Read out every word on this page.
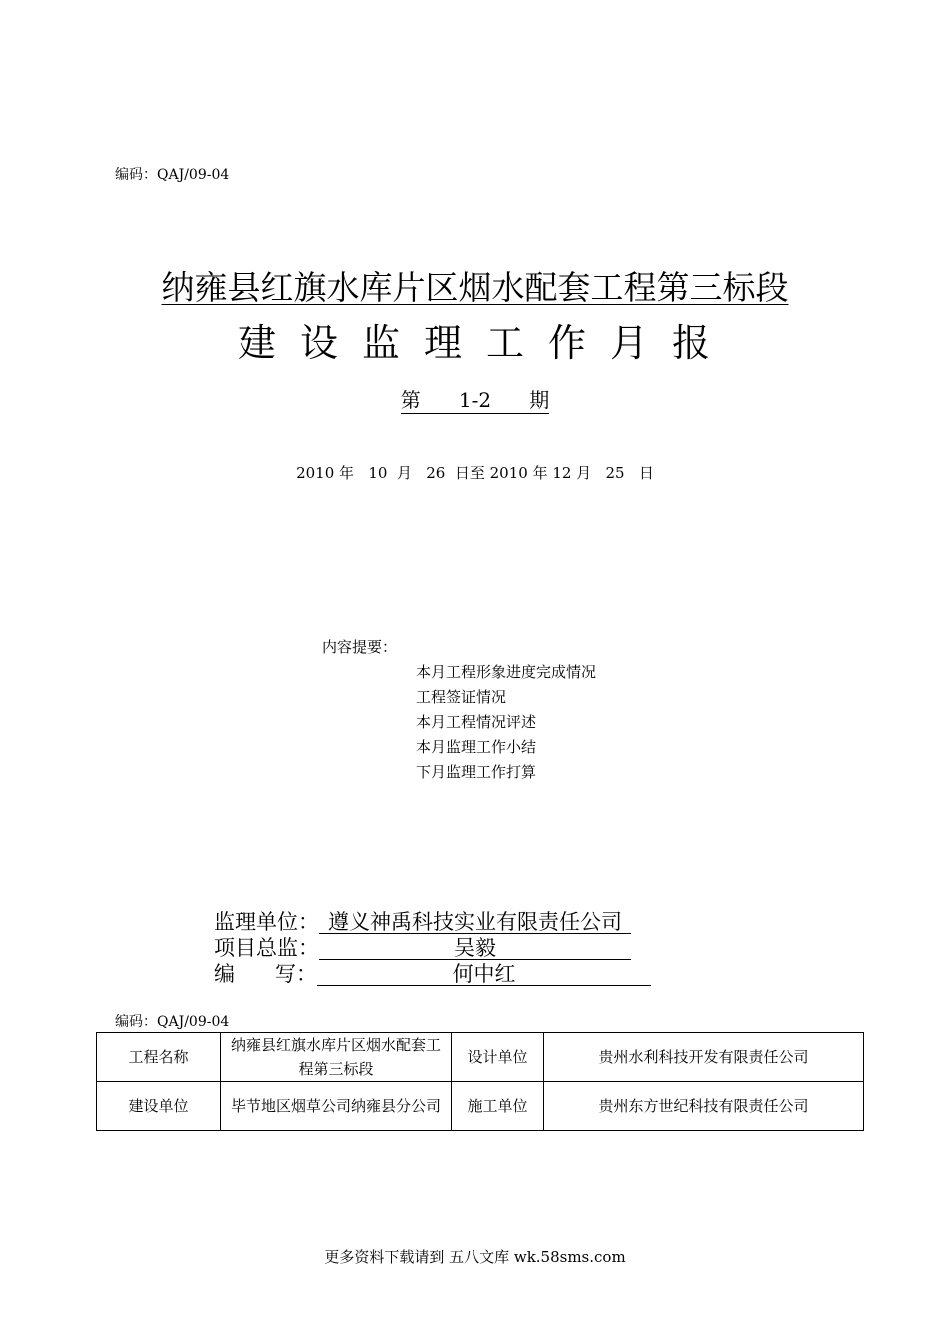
编码：QAJ/09-04
纳雍县红旗水库片区烟水配套工程第三标段
建设监理工作月报
第 1-2 期
2010 年   10  月   26  日至 2010 年 12 月   25   日
内容提要：
本月工程形象进度完成情况
工程签证情况
本月工程情况评述
本月监理工作小结
下月监理工作打算
监理单位： 遵义神禹科技实业有限责任公司
项目总监：	吴毅
编      写：	何中红
编码：QAJ/09-04
工程名称	纳雍县红旗水库片区烟水配套工程第三标段	设计单位	贵州水利科技开发有限责任公司
建设单位	毕节地区烟草公司纳雍县分公司	施工单位	贵州东方世纪科技有限责任公司
更多资料下载请到 五八文库 wk.58sms.com
